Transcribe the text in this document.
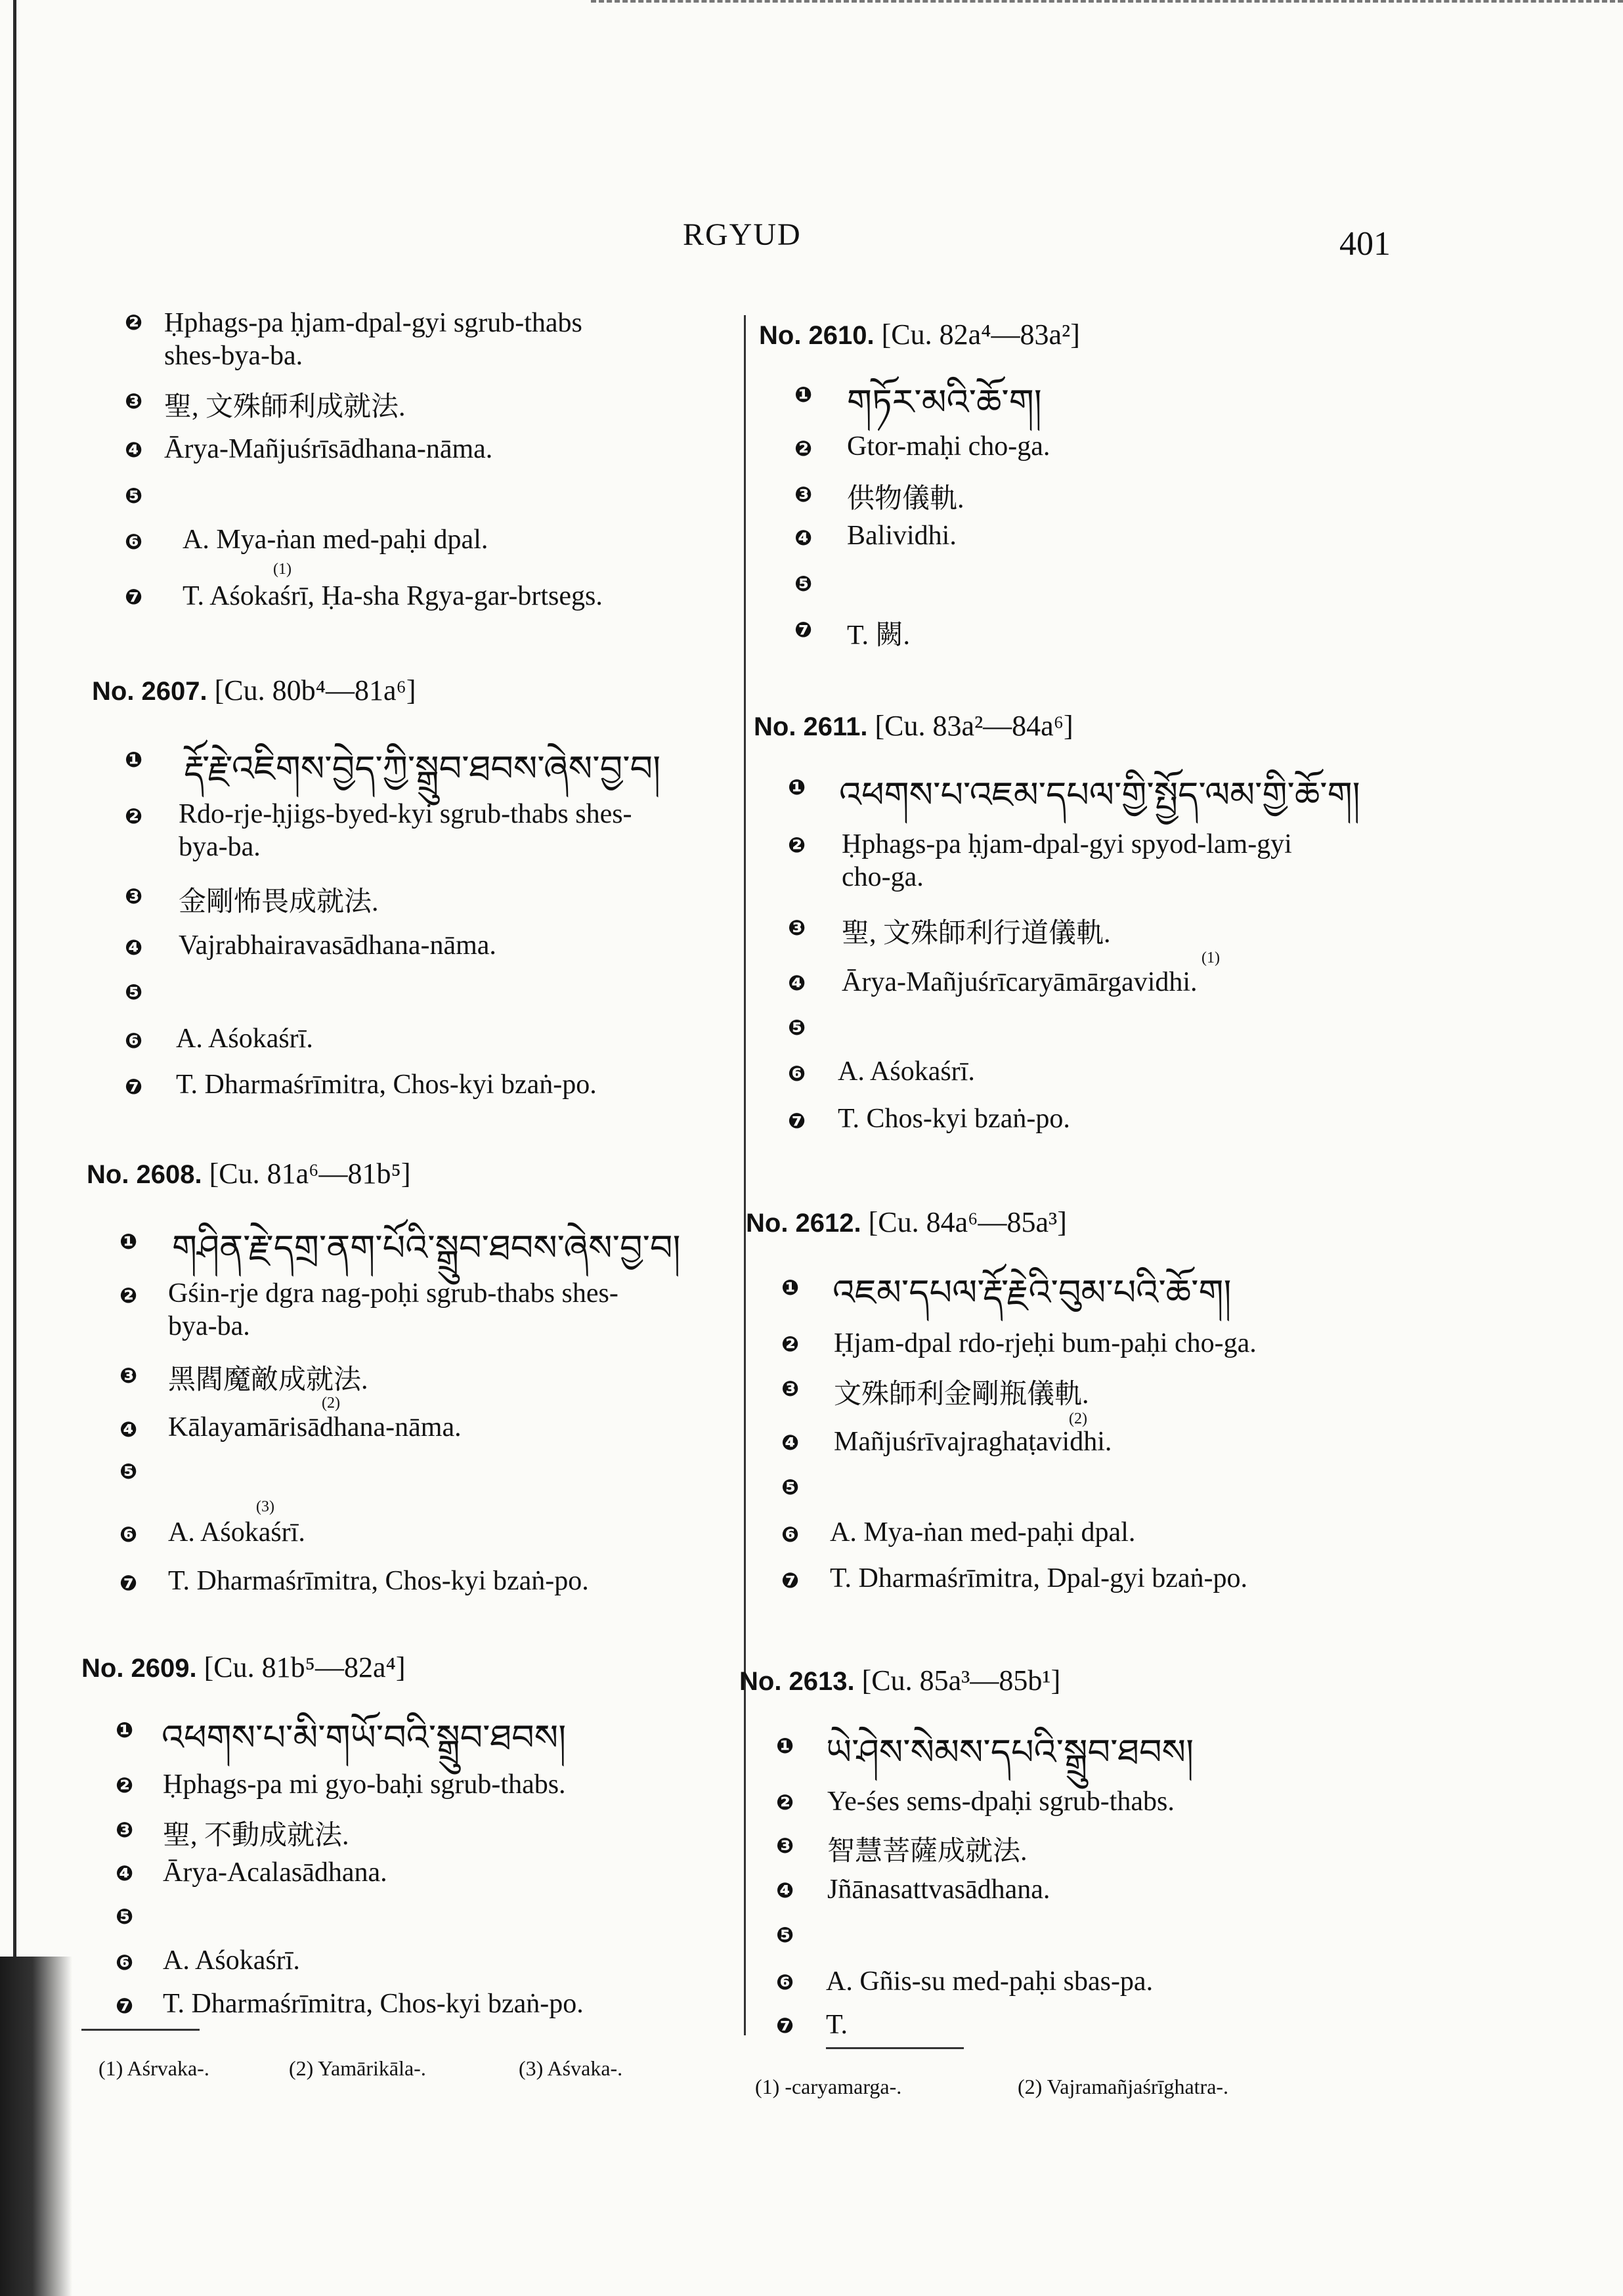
RGYUD	401
❷ Ḥphags-pa ḥjam-dpal-gyi sgrub-thabs
shes-bya-ba.
❸ 聖, 文殊師利成就法.
❹ Ārya-Mañjuśrīsādhana-nāma.
❺
❻ A. Mya-ṅan med-paḥi dpal.
(1)
❼ T. Aśokaśrī, Ḥa-sha Rgya-gar-brtsegs.
No. 2607. [Cu. 80b⁴—81a⁶]
❶ རྡོ་རྗེ་འཇིགས་བྱེད་ཀྱི་སྒྲུབ་ཐབས་ཞེས་བྱ་བ།
❷ Rdo-rje-ḥjigs-byed-kyi sgrub-thabs shes-
bya-ba.
❸ 金剛怖畏成就法.
❹ Vajrabhairavasādhana-nāma.
❺
❻ A. Aśokaśrī.
❼ T. Dharmaśrīmitra, Chos-kyi bzaṅ-po.
No. 2608. [Cu. 81a⁶—81b⁵]
❶ གཤིན་རྗེ་དགྲ་ནག་པོའི་སྒྲུབ་ཐབས་ཞེས་བྱ་བ།
❷ Gśin-rje dgra nag-poḥi sgrub-thabs shes-
bya-ba.
❸ 黑閻魔敵成就法.
(2)
❹ Kālayamārisādhana-nāma.
❺
(3)
❻ A. Aśokaśrī.
❼ T. Dharmaśrīmitra, Chos-kyi bzaṅ-po.
No. 2609. [Cu. 81b⁵—82a⁴]
❶ འཕགས་པ་མི་གཡོ་བའི་སྒྲུབ་ཐབས།
❷ Ḥphags-pa mi gyo-baḥi sgrub-thabs.
❸ 聖, 不動成就法.
❹ Ārya-Acalasādhana.
❺
❻ A. Aśokaśrī.
❼ T. Dharmaśrīmitra, Chos-kyi bzaṅ-po.
(1) Aśrvaka-.	(2) Yamārikāla-.	(3) Aśvaka-.
No. 2610. [Cu. 82a⁴—83a²]
❶ གཏོར་མའི་ཆོ་ག།
❷ Gtor-maḥi cho-ga.
❸ 供物儀軌.
❹ Balividhi.
❺
❼ T. 闕.
No. 2611. [Cu. 83a²—84a⁶]
❶ འཕགས་པ་འཇམ་དཔལ་གྱི་སྤྱོད་ལམ་གྱི་ཆོ་ག།
❷ Ḥphags-pa ḥjam-dpal-gyi spyod-lam-gyi
cho-ga.
❸ 聖, 文殊師利行道儀軌.
(1)
❹ Ārya-Mañjuśrīcaryāmārgavidhi.
❺
❻ A. Aśokaśrī.
❼ T. Chos-kyi bzaṅ-po.
No. 2612. [Cu. 84a⁶—85a³]
❶ འཇམ་དཔལ་རྡོ་རྗེའི་བུམ་པའི་ཆོ་ག།
❷ Ḥjam-dpal rdo-rjeḥi bum-paḥi cho-ga.
❸ 文殊師利金剛瓶儀軌.
(2)
❹ Mañjuśrīvajraghaṭavidhi.
❺
❻ A. Mya-ṅan med-paḥi dpal.
❼ T. Dharmaśrīmitra, Dpal-gyi bzaṅ-po.
No. 2613. [Cu. 85a³—85b¹]
❶ ཡེ་ཤེས་སེམས་དཔའི་སྒྲུབ་ཐབས།
❷ Ye-śes sems-dpaḥi sgrub-thabs.
❸ 智慧菩薩成就法.
❹ Jñānasattvasādhana.
❺
❻ A. Gñis-su med-paḥi sbas-pa.
❼ T.
(1) -caryamarga-.	(2) Vajramañjaśrīghatra-.
